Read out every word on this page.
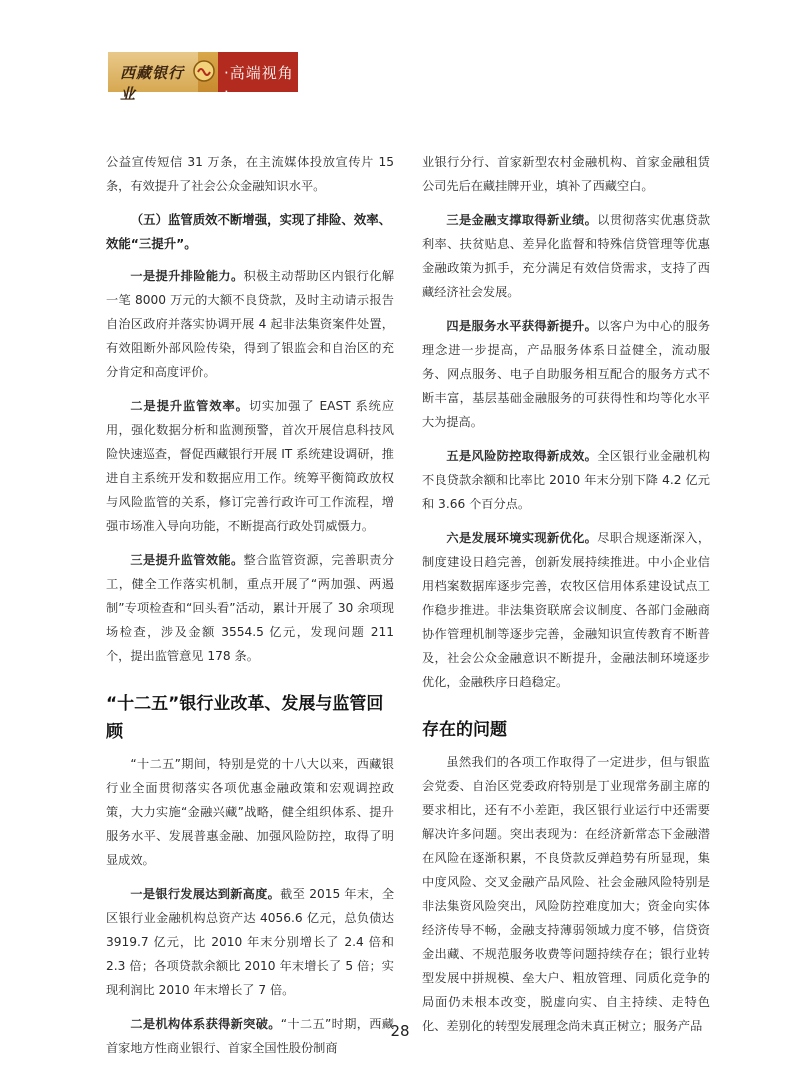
西藏银行业
·高端视角·

公益宣传短信 31 万条，在主流媒体投放宣传片 15 条，有效提升了社会公众金融知识水平。

（五）监管质效不断增强，实现了排险、效率、效能“三提升”。

一是提升排险能力。积极主动帮助区内银行化解一笔 8000 万元的大额不良贷款，及时主动请示报告自治区政府并落实协调开展 4 起非法集资案件处置，有效阻断外部风险传染，得到了银监会和自治区的充分肯定和高度评价。

二是提升监管效率。切实加强了 EAST 系统应用，强化数据分析和监测预警，首次开展信息科技风险快速巡查，督促西藏银行开展 IT 系统建设调研，推进自主系统开发和数据应用工作。统筹平衡简政放权与风险监管的关系，修订完善行政许可工作流程，增强市场准入导向功能，不断提高行政处罚威慑力。

三是提升监管效能。整合监管资源，完善职责分工，健全工作落实机制，重点开展了“两加强、两遏制”专项检查和“回头看”活动，累计开展了 30 余项现场检查，涉及金额 3554.5 亿元，发现问题 211 个，提出监管意见 178 条。

“十二五”银行业改革、发展与监管回顾

“十二五”期间，特别是党的十八大以来，西藏银行业全面贯彻落实各项优惠金融政策和宏观调控政策，大力实施“金融兴藏”战略，健全组织体系、提升服务水平、发展普惠金融、加强风险防控，取得了明显成效。

一是银行发展达到新高度。截至 2015 年末，全区银行业金融机构总资产达 4056.6 亿元，总负债达 3919.7 亿元，比 2010 年末分别增长了 2.4 倍和 2.3 倍；各项贷款余额比 2010 年末增长了 5 倍；实现利润比 2010 年末增长了 7 倍。

二是机构体系获得新突破。“十二五”时期，西藏首家地方性商业银行、首家全国性股份制商

业银行分行、首家新型农村金融机构、首家金融租赁公司先后在藏挂牌开业，填补了西藏空白。

三是金融支撑取得新业绩。以贯彻落实优惠贷款利率、扶贫贴息、差异化监督和特殊信贷管理等优惠金融政策为抓手，充分满足有效信贷需求，支持了西藏经济社会发展。

四是服务水平获得新提升。以客户为中心的服务理念进一步提高，产品服务体系日益健全，流动服务、网点服务、电子自助服务相互配合的服务方式不断丰富，基层基础金融服务的可获得性和均等化水平大为提高。

五是风险防控取得新成效。全区银行业金融机构不良贷款余额和比率比 2010 年末分别下降 4.2 亿元和 3.66 个百分点。

六是发展环境实现新优化。尽职合规逐渐深入，制度建设日趋完善，创新发展持续推进。中小企业信用档案数据库逐步完善，农牧区信用体系建设试点工作稳步推进。非法集资联席会议制度、各部门金融商协作管理机制等逐步完善，金融知识宣传教育不断普及，社会公众金融意识不断提升，金融法制环境逐步优化，金融秩序日趋稳定。

存在的问题

虽然我们的各项工作取得了一定进步，但与银监会党委、自治区党委政府特别是丁业现常务副主席的要求相比，还有不小差距，我区银行业运行中还需要解决许多问题。突出表现为：在经济新常态下金融潜在风险在逐渐积累，不良贷款反弹趋势有所显现，集中度风险、交叉金融产品风险、社会金融风险特别是非法集资风险突出，风险防控难度加大；资金向实体经济传导不畅，金融支持薄弱领域力度不够，信贷资金出藏、不规范服务收费等问题持续存在；银行业转型发展中拼规模、垒大户、粗放管理、同质化竞争的局面仍未根本改变，脱虚向实、自主持续、走特色化、差别化的转型发展理念尚未真正树立；服务产品

28
